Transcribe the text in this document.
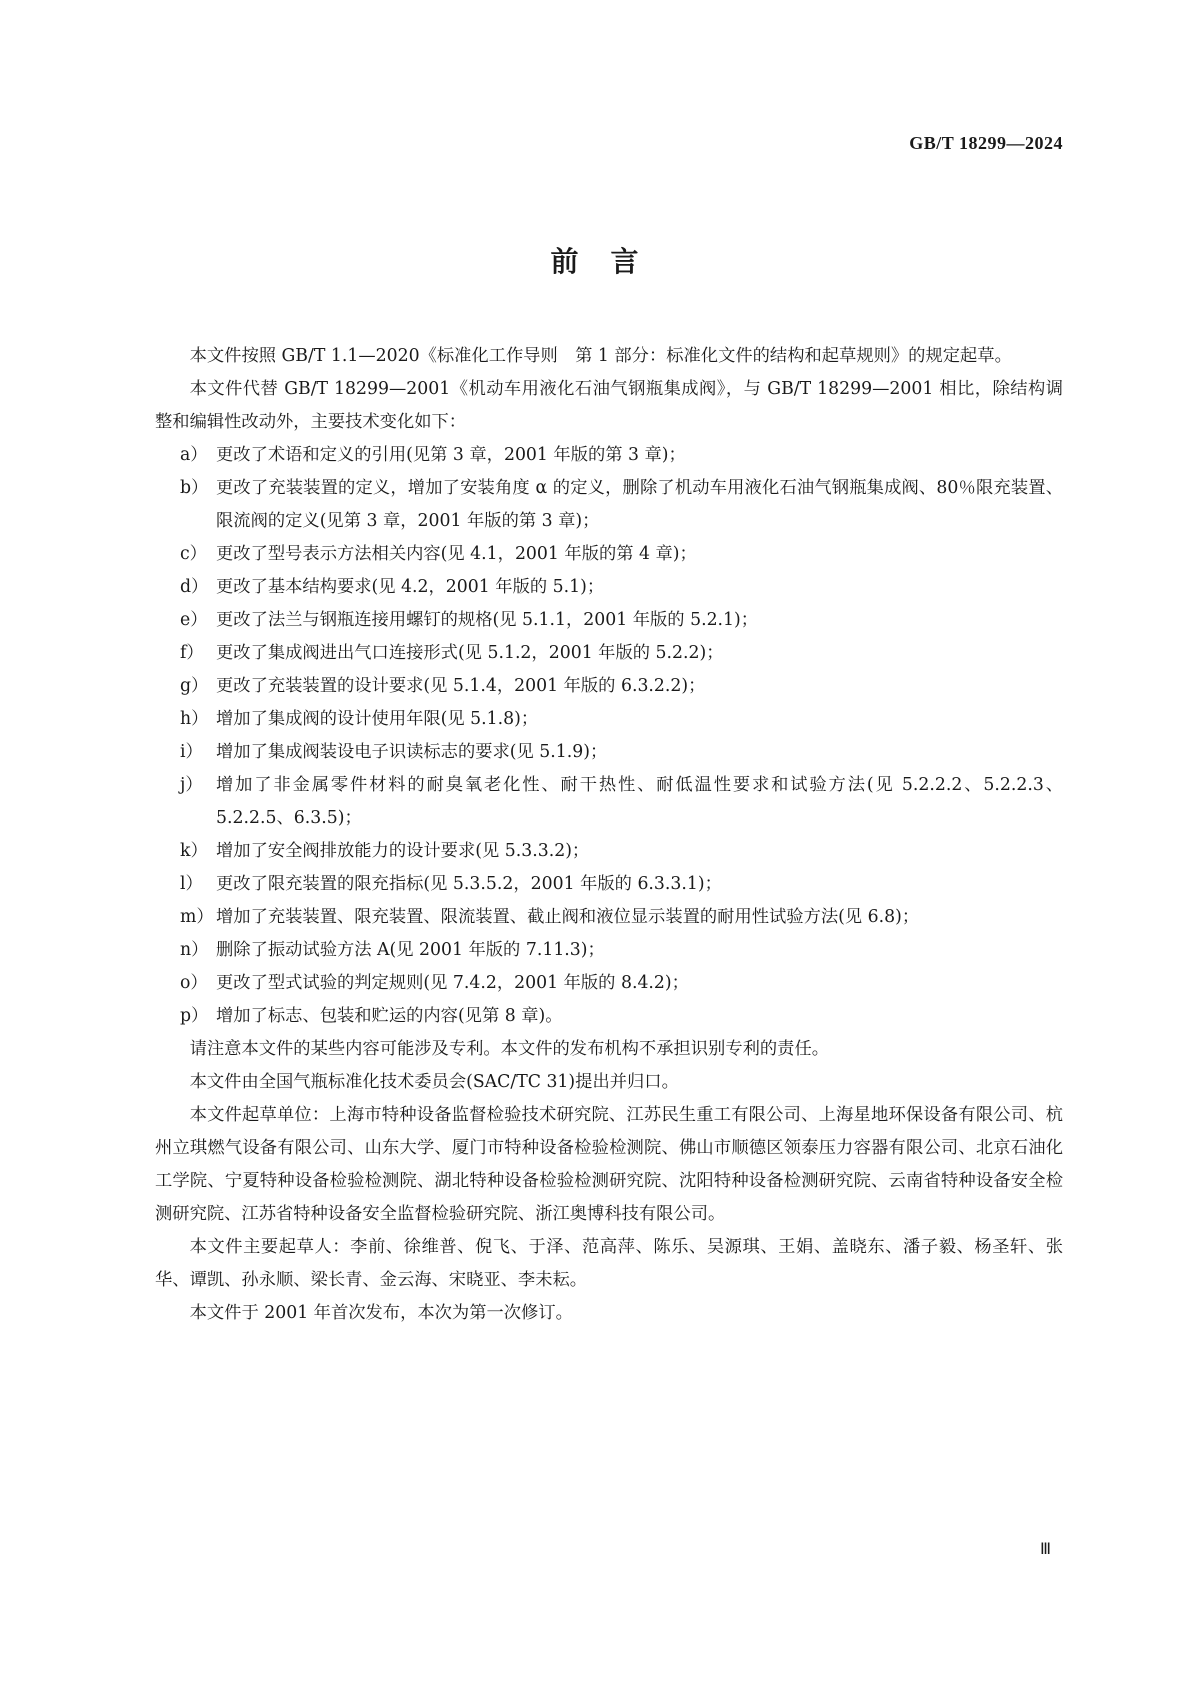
GB/T 18299—2024
前言

本文件按照 GB/T 1.1—2020《标准化工作导则　第 1 部分：标准化文件的结构和起草规则》的规定起草。

本文件代替 GB/T 18299—2001《机动车用液化石油气钢瓶集成阀》，与 GB/T 18299—2001 相比，除结构调整和编辑性改动外，主要技术变化如下：

a） 更改了术语和定义的引用(见第 3 章，2001 年版的第 3 章)；
b） 更改了充装装置的定义，增加了安装角度 α 的定义，删除了机动车用液化石油气钢瓶集成阀、80％限充装置、限流阀的定义(见第 3 章，2001 年版的第 3 章)；
c） 更改了型号表示方法相关内容(见 4.1，2001 年版的第 4 章)；
d） 更改了基本结构要求(见 4.2，2001 年版的 5.1)；
e） 更改了法兰与钢瓶连接用螺钉的规格(见 5.1.1，2001 年版的 5.2.1)；
f） 更改了集成阀进出气口连接形式(见 5.1.2，2001 年版的 5.2.2)；
g） 更改了充装装置的设计要求(见 5.1.4，2001 年版的 6.3.2.2)；
h） 增加了集成阀的设计使用年限(见 5.1.8)；
i） 增加了集成阀装设电子识读标志的要求(见 5.1.9)；
j） 增加了非金属零件材料的耐臭氧老化性、耐干热性、耐低温性要求和试验方法(见 5.2.2.2、5.2.2.3、5.2.2.5、6.3.5)；
k） 增加了安全阀排放能力的设计要求(见 5.3.3.2)；
l） 更改了限充装置的限充指标(见 5.3.5.2，2001 年版的 6.3.3.1)；
m） 增加了充装装置、限充装置、限流装置、截止阀和液位显示装置的耐用性试验方法(见 6.8)；
n） 删除了振动试验方法 A(见 2001 年版的 7.11.3)；
o） 更改了型式试验的判定规则(见 7.4.2，2001 年版的 8.4.2)；
p） 增加了标志、包装和贮运的内容(见第 8 章)。

请注意本文件的某些内容可能涉及专利。本文件的发布机构不承担识别专利的责任。

本文件由全国气瓶标准化技术委员会(SAC/TC 31)提出并归口。

本文件起草单位：上海市特种设备监督检验技术研究院、江苏民生重工有限公司、上海星地环保设备有限公司、杭州立琪燃气设备有限公司、山东大学、厦门市特种设备检验检测院、佛山市顺德区领泰压力容器有限公司、北京石油化工学院、宁夏特种设备检验检测院、湖北特种设备检验检测研究院、沈阳特种设备检测研究院、云南省特种设备安全检测研究院、江苏省特种设备安全监督检验研究院、浙江奥博科技有限公司。

本文件主要起草人：李前、徐维普、倪飞、于泽、范高萍、陈乐、吴源琪、王娟、盖晓东、潘子毅、杨圣轩、张华、谭凯、孙永顺、梁长青、金云海、宋晓亚、李未耘。

本文件于 2001 年首次发布，本次为第一次修订。

Ⅲ
